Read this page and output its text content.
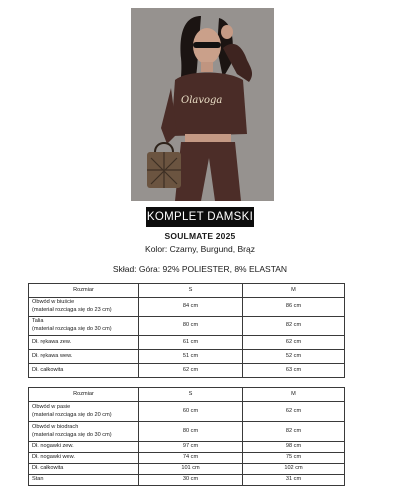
Olavoga
KOMPLET DAMSKI
SOULMATE 2025
Kolor: Czarny, Burgund, Brąz
Skład: Góra: 92% POLIESTER, 8% ELASTAN
Rozmiar	S	M
Obwód w biuście
(materiał rozciąga się do 23 cm)	84 cm	86 cm
Talia
(materiał rozciąga się do 30 cm)	80 cm	82 cm
Dł. rękawa zew.	61 cm	62 cm
Dł. rękawa wew.	51 cm	52 cm
Dł. całkowita	62 cm	63 cm
Rozmiar	S	M
Obwód w pasie
(materiał rozciąga się do 20 cm)	60 cm	62 cm
Obwód w biodrach
(materiał rozciąga się do 30 cm)	80 cm	82 cm
Dł. nogawki zew.	97 cm	98 cm
Dł. nogawki wew.	74 cm	75 cm
Dł. całkowita	101 cm	102 cm
Stan	30 cm	31 cm
